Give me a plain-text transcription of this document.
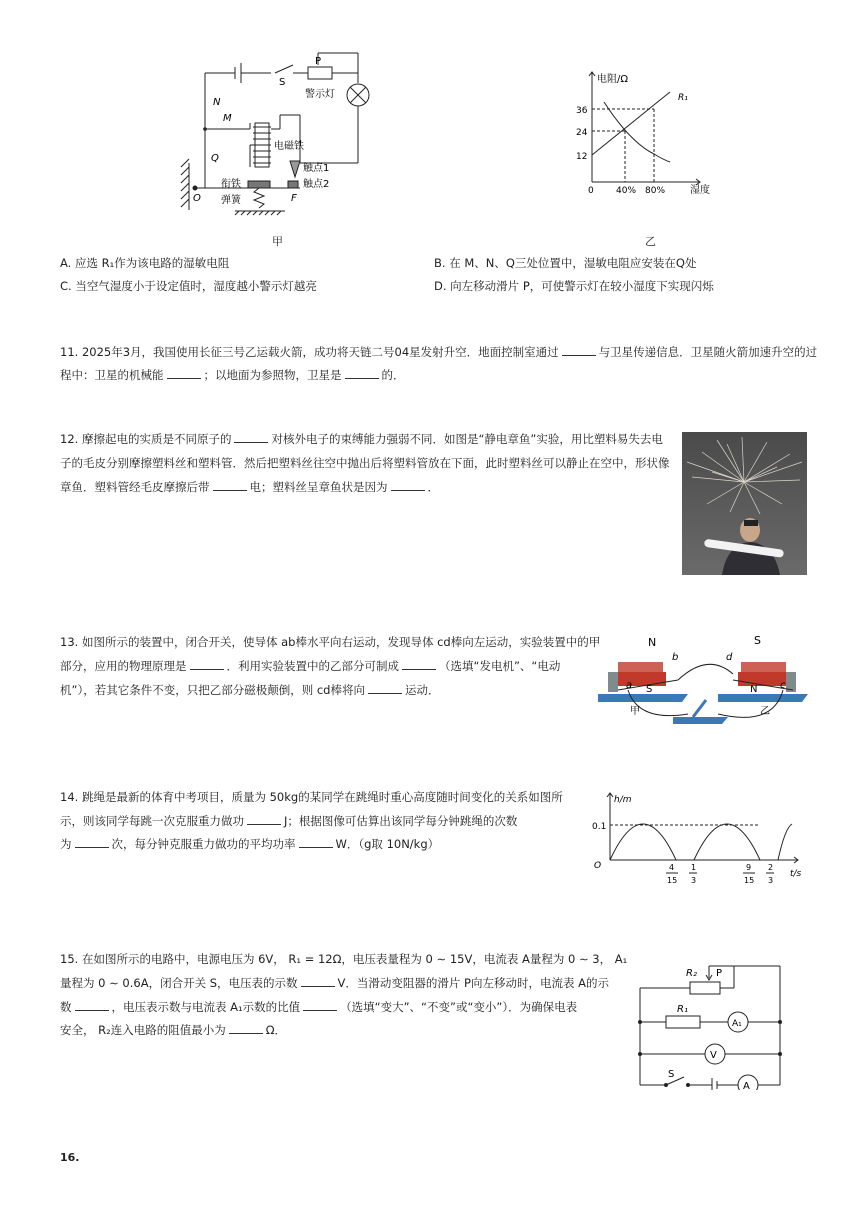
P
S
警示灯
N
M
Q
电磁铁
触点1
触点2
衔铁
弹簧
O	F
甲
电阻/Ω
R₁
36
24
12
0 40% 80% 湿度
乙
A. 应选 R₁作为该电路的湿敏电阻	B. 在 M、N、Q三处位置中，湿敏电阻应安装在Q处
C. 当空气湿度小于设定值时，湿度越小警示灯越亮	D. 向左移动滑片 P，可使警示灯在较小湿度下实现闪烁
11. 2025年3月，我国使用长征三号乙运载火箭，成功将天链二号04星发射升空．地面控制室通过	与卫星传递信息．卫星随火箭加速升空的过
程中：卫星的机械能	；以地面为参照物，卫星是	的．
12. 摩擦起电的实质是不同原子的	对核外电子的束缚能力强弱不同．如图是“静电章鱼”实验，用比塑料易失去电
子的毛皮分别摩擦塑料丝和塑料管．然后把塑料丝往空中抛出后将塑料管放在下面，此时塑料丝可以静止在空中，形状像
章鱼．塑料管经毛皮摩擦后带	电；塑料丝呈章鱼状是因为	．
13. 如图所示的装置中，闭合开关，使导体 ab棒水平向右运动，发现导体 cd棒向左运动，实验装置中的甲
部分，应用的物理原理是	．利用实验装置中的乙部分可制成	（选填“发电机”、“电动
机”），若其它条件不变，只把乙部分磁极颠倒，则 cd棒将向	运动．
N
S
S
N
a
b
c
d
甲	乙
14. 跳绳是最新的体育中考项目，质量为 50kg的某同学在跳绳时重心高度随时间变化的关系如图所
示，则该同学每跳一次克服重力做功	J；根据图像可估算出该同学每分钟跳绳的次数
为	次，每分钟克服重力做功的平均功率	W．（g取 10N/kg）
h/m
0.1
O	4
15
1
3
9
15
2
3
t/s
15. 在如图所示的电路中，电源电压为 6V， R₁ = 12Ω，电压表量程为 0 ∼ 15V，电流表 A量程为 0 ∼ 3， A₁
量程为 0 ∼ 0.6A，闭合开关 S，电压表的示数	V．当滑动变阻器的滑片 P向左移动时，电流表 A的示
数	，电压表示数与电流表 A₁示数的比值	（选填“变大”、“不变”或“变小”）．为确保电表
安全， R₂连入电路的阻值最小为	Ω．
R₂ P
R₁
A₁
V
S
A
16.
